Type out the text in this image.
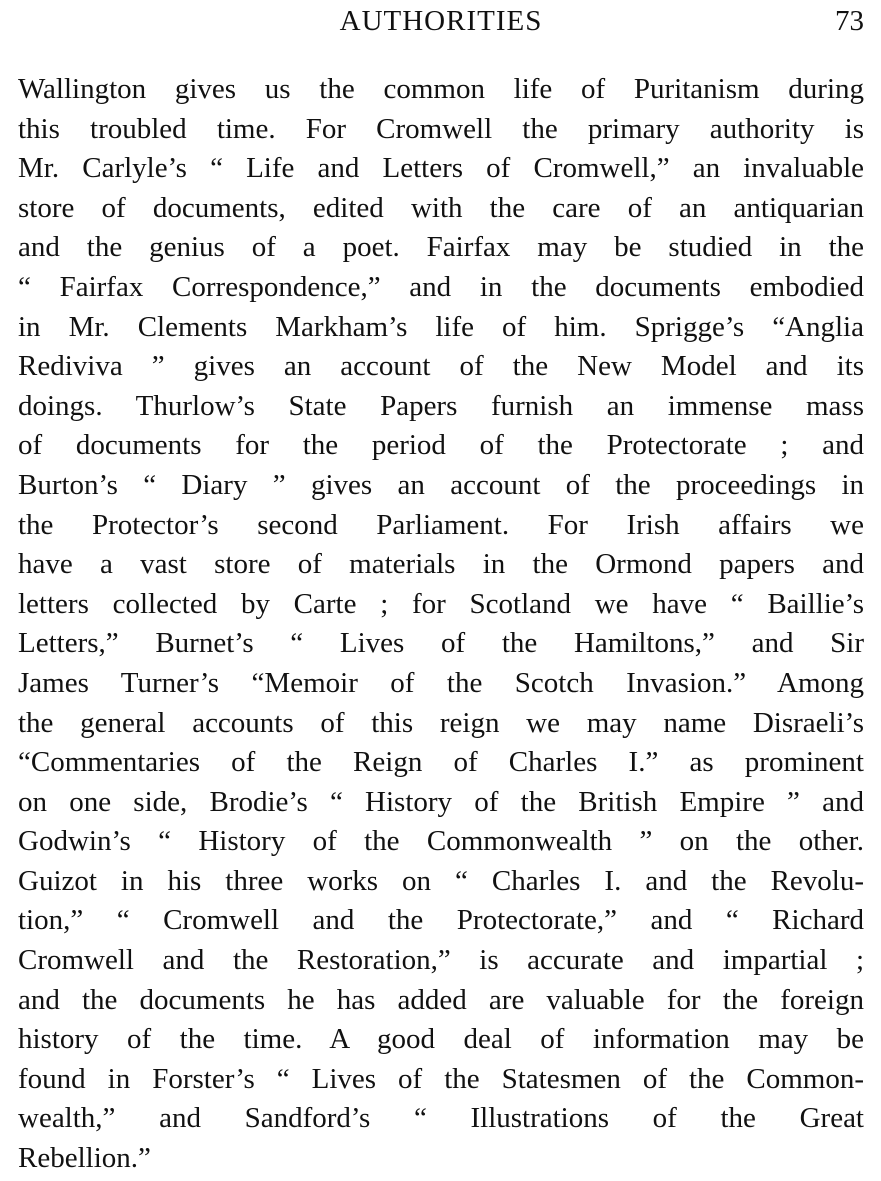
AUTHORITIES	73
Wallington gives us the common life of Puritanism during
this troubled time. For Cromwell the primary authority is
Mr. Carlyle’s “ Life and Letters of Cromwell,” an invaluable
store of documents, edited with the care of an antiquarian
and the genius of a poet. Fairfax may be studied in the
“ Fairfax Correspondence,” and in the documents embodied
in Mr. Clements Markham’s life of him. Sprigge’s “Anglia
Rediviva ” gives an account of the New Model and its
doings. Thurlow’s State Papers furnish an immense mass
of documents for the period of the Protectorate ; and
Burton’s “ Diary ” gives an account of the proceedings in
the Protector’s second Parliament. For Irish affairs we
have a vast store of materials in the Ormond papers and
letters collected by Carte ; for Scotland we have “ Baillie’s
Letters,” Burnet’s “ Lives of the Hamiltons,” and Sir
James Turner’s “Memoir of the Scotch Invasion.” Among
the general accounts of this reign we may name Disraeli’s
“Commentaries of the Reign of Charles I.” as prominent
on one side, Brodie’s “ History of the British Empire ” and
Godwin’s “ History of the Commonwealth ” on the other.
Guizot in his three works on “ Charles I. and the Revolu-
tion,” “ Cromwell and the Protectorate,” and “ Richard
Cromwell and the Restoration,” is accurate and impartial ;
and the documents he has added are valuable for the foreign
history of the time. A good deal of information may be
found in Forster’s “ Lives of the Statesmen of the Common-
wealth,” and Sandford’s “ Illustrations of the Great
Rebellion.”
